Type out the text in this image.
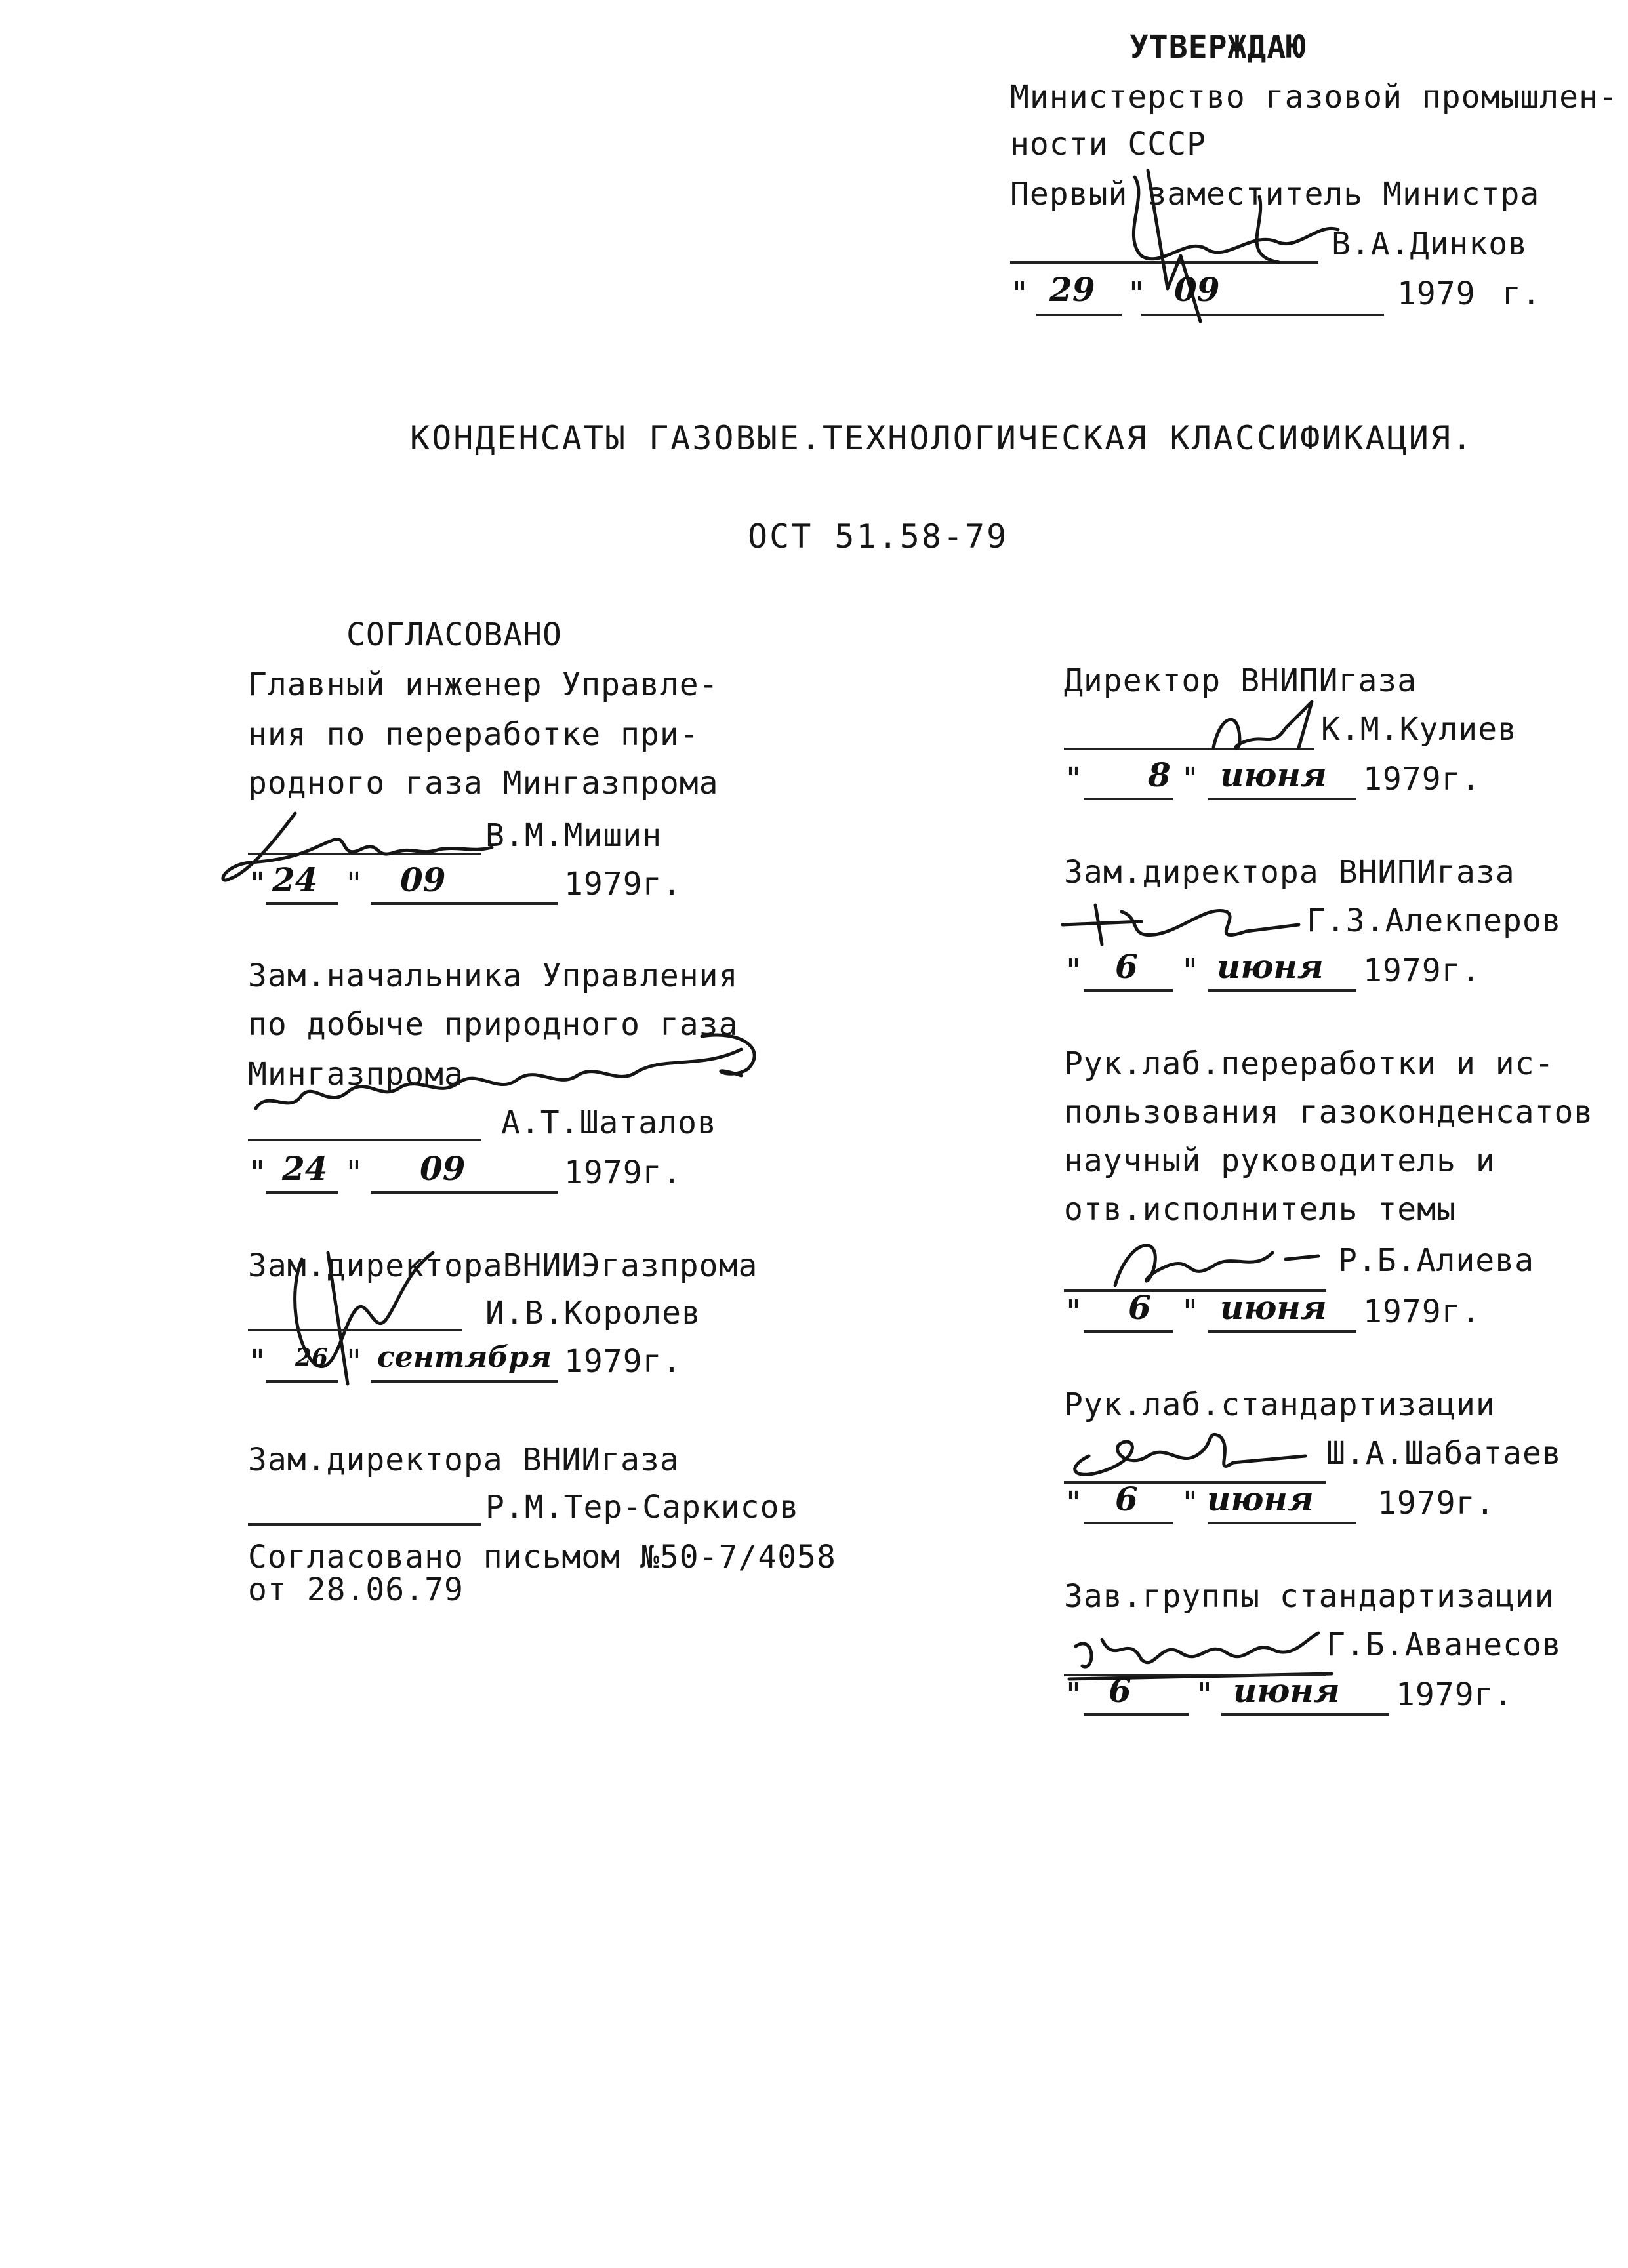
УТВЕРЖДАЮ
Министерство газовой промышлен-
ности СССР
Первый заместитель Министра
В.А.Динков
" 29 " 09	1979 г.
КОНДЕНСАТЫ ГАЗОВЫЕ.ТЕХНОЛОГИЧЕСКАЯ КЛАССИФИКАЦИЯ.
ОСТ 51.58-79
СОГЛАСОВАНО
Главный инженер Управле-
ния по переработке при-
родного газа Мингазпрома
В.М.Мишин
" 24 " 09	1979г.
Зам.начальника Управления
по добыче природного газа
Мингазпрома
А.Т.Шаталов
" 24 " 09	1979г.
Зам.директораВНИИЭгазпрома
И.В.Королев
" 26 " сентября 1979г.
Зам.директора ВНИИгаза
Р.М.Тер-Саркисов
Согласовано письмом №50-7/4058
от 28.06.79
Директор ВНИПИгаза
К.М.Кулиев
" 8 " июня 1979г.
Зам.директора ВНИПИгаза
Г.З.Алекперов
" 6 " июня 1979г.
Рук.лаб.переработки и ис-
пользования газоконденсатов
научный руководитель и
отв.исполнитель темы
Р.Б.Алиева
" 6 " июня 1979г.
Рук.лаб.стандартизации
Ш.А.Шабатаев
" 6 " июня 1979г.
Зав.группы стандартизации
Г.Б.Аванесов
" 6 " июня 1979г.
